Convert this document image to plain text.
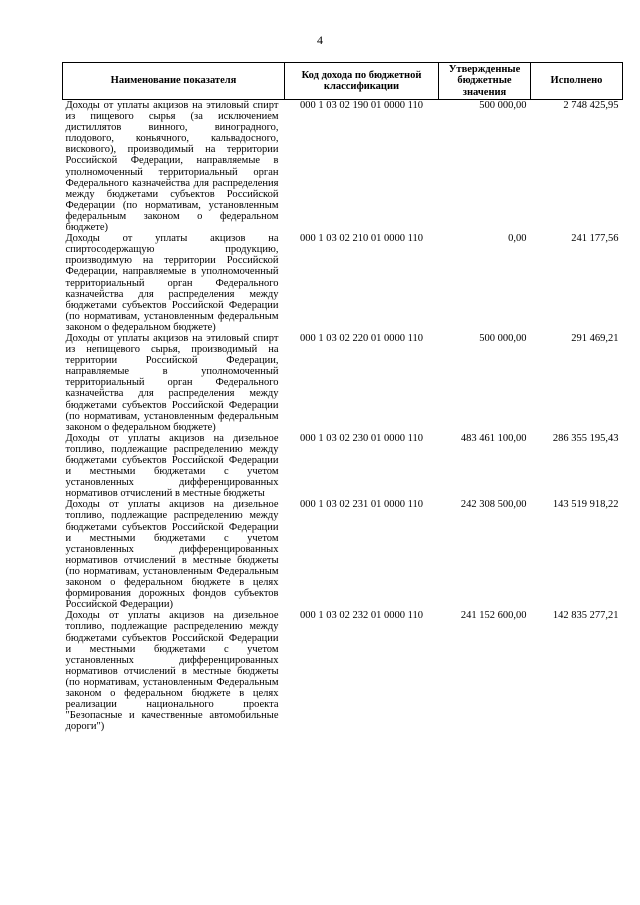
4
Наименование показателя	Код дохода по бюджетной классификации	Утвержденные бюджетные значения	Исполнено
Доходы от уплаты акцизов на этиловый спирт из пищевого сырья (за исключением дистиллятов винного, виноградного, плодового, коньячного, кальвадосного, вискового), производимый на территории Российской Федерации, направляемые в уполномоченный территориальный орган Федерального казначейства для распределения между бюджетами субъектов Российской Федерации (по нормативам, установленным федеральным законом о федеральном бюджете)	000 1 03 02 190 01 0000 110	500 000,00	2 748 425,95
Доходы от уплаты акцизов на спиртосодержащую продукцию, производимую на территории Российской Федерации, направляемые в уполномоченный территориальный орган Федерального казначейства для распределения между бюджетами субъектов Российской Федерации (по нормативам, установленным федеральным законом о федеральном бюджете)	000 1 03 02 210 01 0000 110	0,00	241 177,56
Доходы от уплаты акцизов на этиловый спирт из непищевого сырья, производимый на территории Российской Федерации, направляемые в уполномоченный территориальный орган Федерального казначейства для распределения между бюджетами субъектов Российской Федерации (по нормативам, установленным федеральным законом о федеральном бюджете)	000 1 03 02 220 01 0000 110	500 000,00	291 469,21
Доходы от уплаты акцизов на дизельное топливо, подлежащие распределению между бюджетами субъектов Российской Федерации и местными бюджетами с учетом установленных дифференцированных нормативов отчислений в местные бюджеты	000 1 03 02 230 01 0000 110	483 461 100,00	286 355 195,43
Доходы от уплаты акцизов на дизельное топливо, подлежащие распределению между бюджетами субъектов Российской Федерации и местными бюджетами с учетом установленных дифференцированных нормативов отчислений в местные бюджеты (по нормативам, установленным Федеральным законом о федеральном бюджете в целях формирования дорожных фондов субъектов Российской Федерации)	000 1 03 02 231 01 0000 110	242 308 500,00	143 519 918,22
Доходы от уплаты акцизов на дизельное топливо, подлежащие распределению между бюджетами субъектов Российской Федерации и местными бюджетами с учетом установленных дифференцированных нормативов отчислений в местные бюджеты (по нормативам, установленным Федеральным законом о федеральном бюджете в целях реализации национального проекта "Безопасные и качественные автомобильные дороги")	000 1 03 02 232 01 0000 110	241 152 600,00	142 835 277,21
